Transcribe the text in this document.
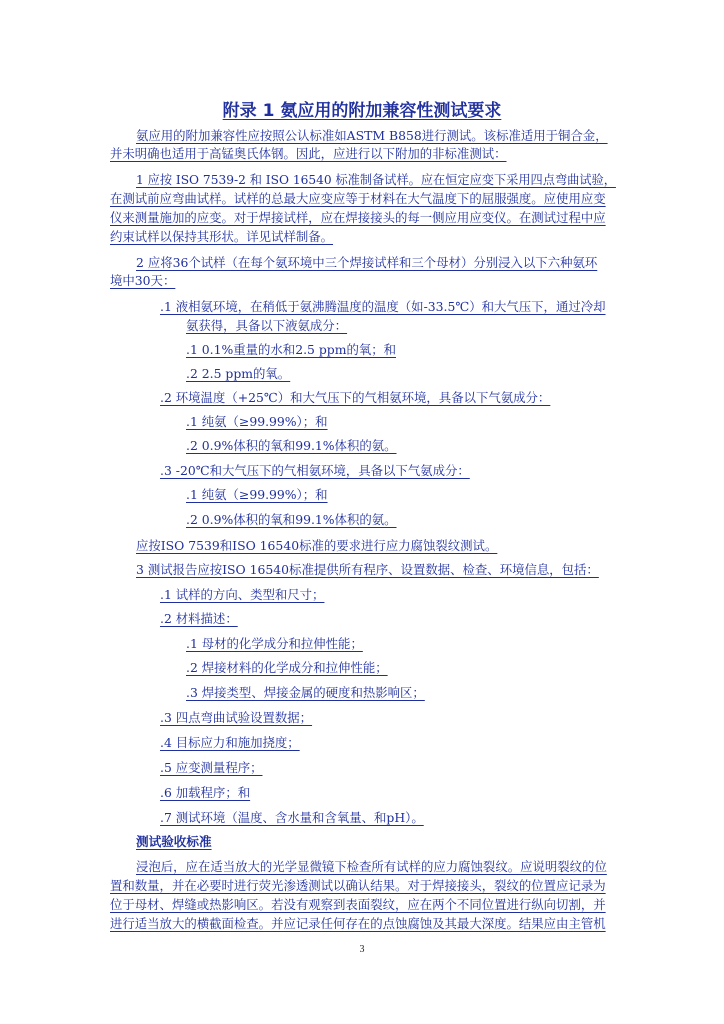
附录 1 氨应用的附加兼容性测试要求
氨应用的附加兼容性应按照公认标准如ASTM B858进行测试。该标准适用于铜合金，
并未明确也适用于高锰奥氏体钢。因此，应进行以下附加的非标准测试：
1 应按 ISO 7539-2 和 ISO 16540 标准制备试样。应在恒定应变下采用四点弯曲试验，
在测试前应弯曲试样。试样的总最大应变应等于材料在大气温度下的屈服强度。应使用应变
仪来测量施加的应变。对于焊接试样，应在焊接接头的每一侧应用应变仪。在测试过程中应
约束试样以保持其形状。详见试样制备。
2 应将36个试样（在每个氨环境中三个焊接试样和三个母材）分别浸入以下六种氨环
境中30天：
.1 液相氨环境，在稍低于氨沸腾温度的温度（如-33.5℃）和大气压下，通过冷却
氨获得，具备以下液氨成分：
.1 0.1%重量的水和2.5 ppm的氧；和
.2 2.5 ppm的氧。
.2 环境温度（+25℃）和大气压下的气相氨环境，具备以下气氨成分：
.1 纯氨（≥99.99%）；和
.2 0.9%体积的氧和99.1%体积的氨。
.3 -20℃和大气压下的气相氨环境，具备以下气氨成分：
.1 纯氨（≥99.99%）；和
.2 0.9%体积的氧和99.1%体积的氨。
应按ISO 7539和ISO 16540标准的要求进行应力腐蚀裂纹测试。
3 测试报告应按ISO 16540标准提供所有程序、设置数据、检查、环境信息，包括：
.1 试样的方向、类型和尺寸；
.2 材料描述：
.1 母材的化学成分和拉伸性能；
.2 焊接材料的化学成分和拉伸性能；
.3 焊接类型、焊接金属的硬度和热影响区；
.3 四点弯曲试验设置数据；
.4 目标应力和施加挠度；
.5 应变测量程序；
.6 加载程序；和
.7 测试环境（温度、含水量和含氧量、和pH）。
测试验收标准
浸泡后，应在适当放大的光学显微镜下检查所有试样的应力腐蚀裂纹。应说明裂纹的位
置和数量，并在必要时进行荧光渗透测试以确认结果。对于焊接接头，裂纹的位置应记录为
位于母材、焊缝或热影响区。若没有观察到表面裂纹，应在两个不同位置进行纵向切割，并
进行适当放大的横截面检查。并应记录任何存在的点蚀腐蚀及其最大深度。结果应由主管机
3
